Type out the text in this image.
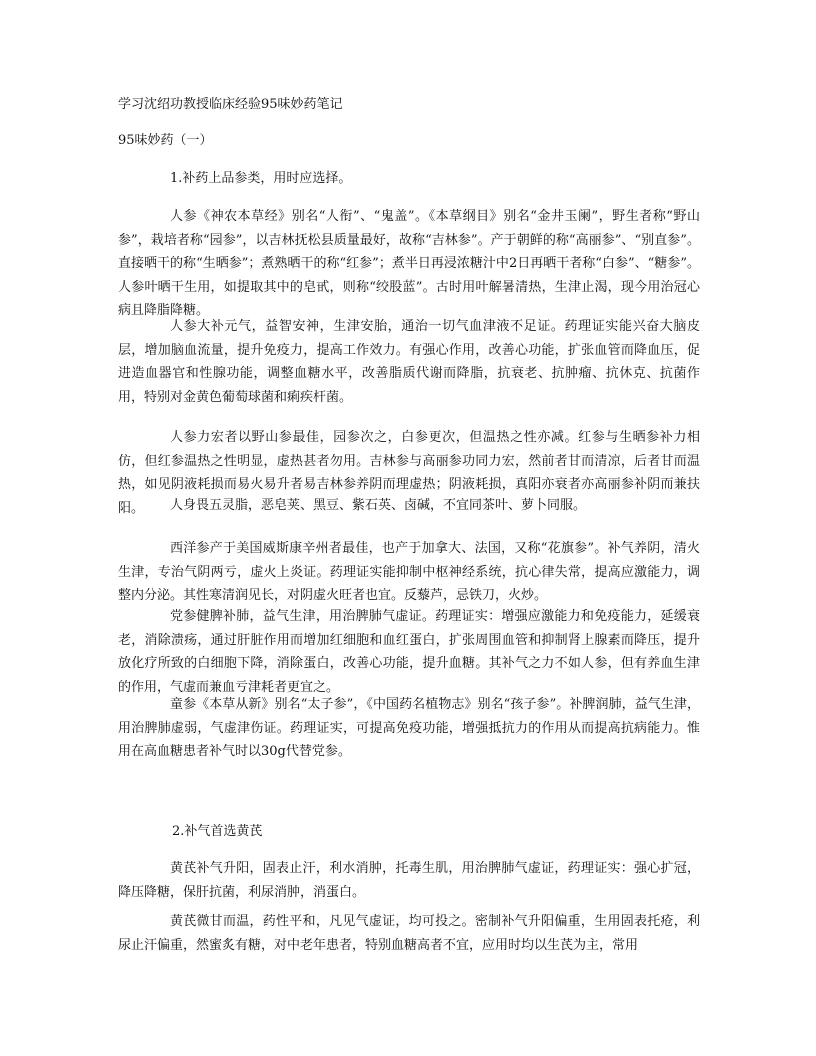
学习沈绍功教授临床经验95味妙药笔记
95味妙药（一）
1.补药上品参类，用时应选择。
人参《神农本草经》别名“人衔”、“鬼盖”。《本草纲目》别名“金井玉阑”，野生者称“野山参”，栽培者称“园参”，以吉林抚松县质量最好，故称“吉林参”。产于朝鲜的称“高丽参”、“别直参”。直接晒干的称“生晒参”；煮熟晒干的称“红参”；煮半日再浸浓糖汁中2日再晒干者称“白参”、“糖参”。人参叶晒干生用，如提取其中的皂甙，则称“绞股蓝”。古时用叶解暑清热，生津止渴，现今用治冠心病且降脂降糖。
人参大补元气，益智安神，生津安胎，通治一切气血津液不足证。药理证实能兴奋大脑皮层，增加脑血流量，提升免疫力，提高工作效力。有强心作用，改善心功能，扩张血管而降血压，促进造血器官和性腺功能，调整血糖水平，改善脂质代谢而降脂，抗衰老、抗肿瘤、抗休克、抗菌作用，特别对金黄色葡萄球菌和痢疾杆菌。
人参力宏者以野山参最佳，园参次之，白参更次，但温热之性亦减。红参与生晒参补力相仿，但红参温热之性明显，虚热甚者勿用。吉林参与高丽参功同力宏，然前者甘而清凉，后者甘而温热，如见阴液耗损而易火易升者易吉林参养阴而理虚热；阴液耗损，真阳亦衰者亦高丽参补阴而兼扶阳。	人身畏五灵脂，恶皂荚、黑豆、紫石英、卤碱，不宜同茶叶、萝卜同服。
西洋参产于美国威斯康辛州者最佳，也产于加拿大、法国，又称“花旗参”。补气养阴，清火生津，专治气阴两亏，虚火上炎证。药理证实能抑制中枢神经系统，抗心律失常，提高应激能力，调整内分泌。其性寒清润见长，对阴虚火旺者也宜。反藜芦，忌铁刀，火炒。
党参健脾补肺，益气生津，用治脾肺气虚证。药理证实：增强应激能力和免疫能力，延缓衰老，消除溃疡，通过肝脏作用而增加红细胞和血红蛋白，扩张周围血管和抑制肾上腺素而降压，提升放化疗所致的白细胞下降，消除蛋白，改善心功能，提升血糖。其补气之力不如人参，但有养血生津的作用，气虚而兼血亏津耗者更宜之。
童参《本草从新》别名“太子参”，《中国药名植物志》别名“孩子参”。补脾润肺，益气生津，用治脾肺虚弱，气虚津伤证。药理证实，可提高免疫功能，增强抵抗力的作用从而提高抗病能力。惟用在高血糖患者补气时以30g代替党参。
2.补气首选黄芪
黄芪补气升阳，固表止汗，利水消肿，托毒生肌，用治脾肺气虚证，药理证实：强心扩冠，降压降糖，保肝抗菌，利尿消肿，消蛋白。
黄芪微甘而温，药性平和，凡见气虚证，均可投之。密制补气升阳偏重，生用固表托疮，利尿止汗偏重，然蜜炙有糖，对中老年患者，特别血糖高者不宜，应用时均以生芪为主，常用
